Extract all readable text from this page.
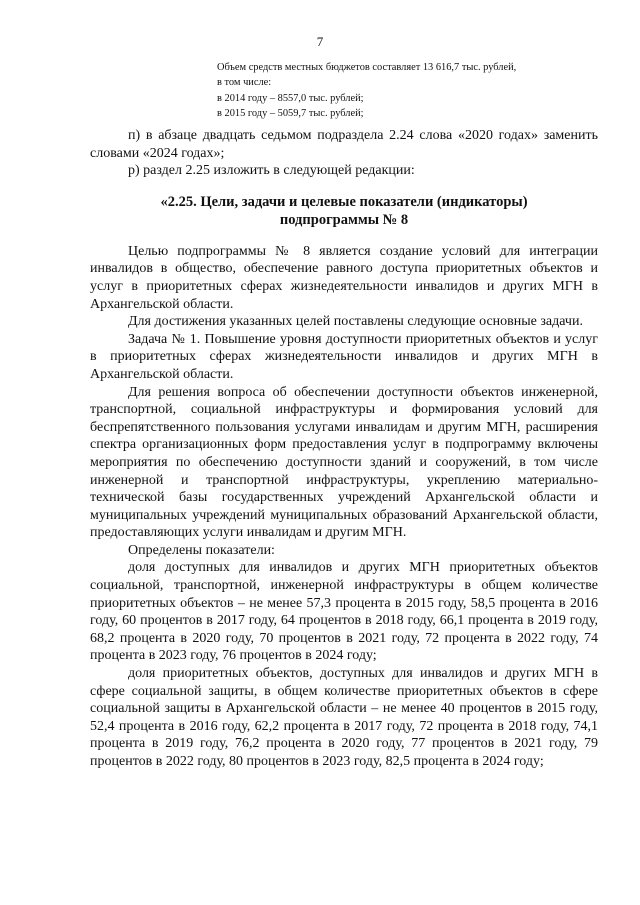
7
Объем средств местных бюджетов составляет 13 616,7 тыс. рублей,
в том числе:
в 2014 году – 8557,0 тыс. рублей;
в 2015 году – 5059,7 тыс. рублей;

п) в абзаце двадцать седьмом подраздела 2.24 слова «2020 годах» заменить словами «2024 годах»;

р) раздел 2.25 изложить в следующей редакции:

«2.25. Цели, задачи и целевые показатели (индикаторы)
подпрограммы № 8

Целью подпрограммы № 8 является создание условий для интеграции инвалидов в общество, обеспечение равного доступа приоритетных объектов и услуг в приоритетных сферах жизнедеятельности инвалидов и других МГН в Архангельской области.

Для достижения указанных целей поставлены следующие основные задачи.

Задача № 1. Повышение уровня доступности приоритетных объектов и услуг в приоритетных сферах жизнедеятельности инвалидов и других МГН в Архангельской области.

Для решения вопроса об обеспечении доступности объектов инженерной, транспортной, социальной инфраструктуры и формирования условий для беспрепятственного пользования услугами инвалидам и другим МГН, расширения спектра организационных форм предоставления услуг в подпрограмму включены мероприятия по обеспечению доступности зданий и сооружений, в том числе инженерной и транспортной инфраструктуры, укреплению материально-технической базы государственных учреждений Архангельской области и муниципальных учреждений муниципальных образований Архангельской области, предоставляющих услуги инвалидам и другим МГН.

Определены показатели:

доля доступных для инвалидов и других МГН приоритетных объектов социальной, транспортной, инженерной инфраструктуры в общем количестве приоритетных объектов – не менее 57,3 процента в 2015 году, 58,5 процента в 2016 году, 60 процентов в 2017 году, 64 процентов в 2018 году, 66,1 процента в 2019 году, 68,2 процента в 2020 году, 70 процентов в 2021 году, 72 процента в 2022 году, 74 процента в 2023 году, 76 процентов в 2024 году;

доля приоритетных объектов, доступных для инвалидов и других МГН в сфере социальной защиты, в общем количестве приоритетных объектов в сфере социальной защиты в Архангельской области – не менее 40 процентов в 2015 году, 52,4 процента в 2016 году, 62,2 процента в 2017 году, 72 процента в 2018 году, 74,1 процента в 2019 году, 76,2 процента в 2020 году, 77 процентов в 2021 году, 79 процентов в 2022 году, 80 процентов в 2023 году, 82,5 процента в 2024 году;
